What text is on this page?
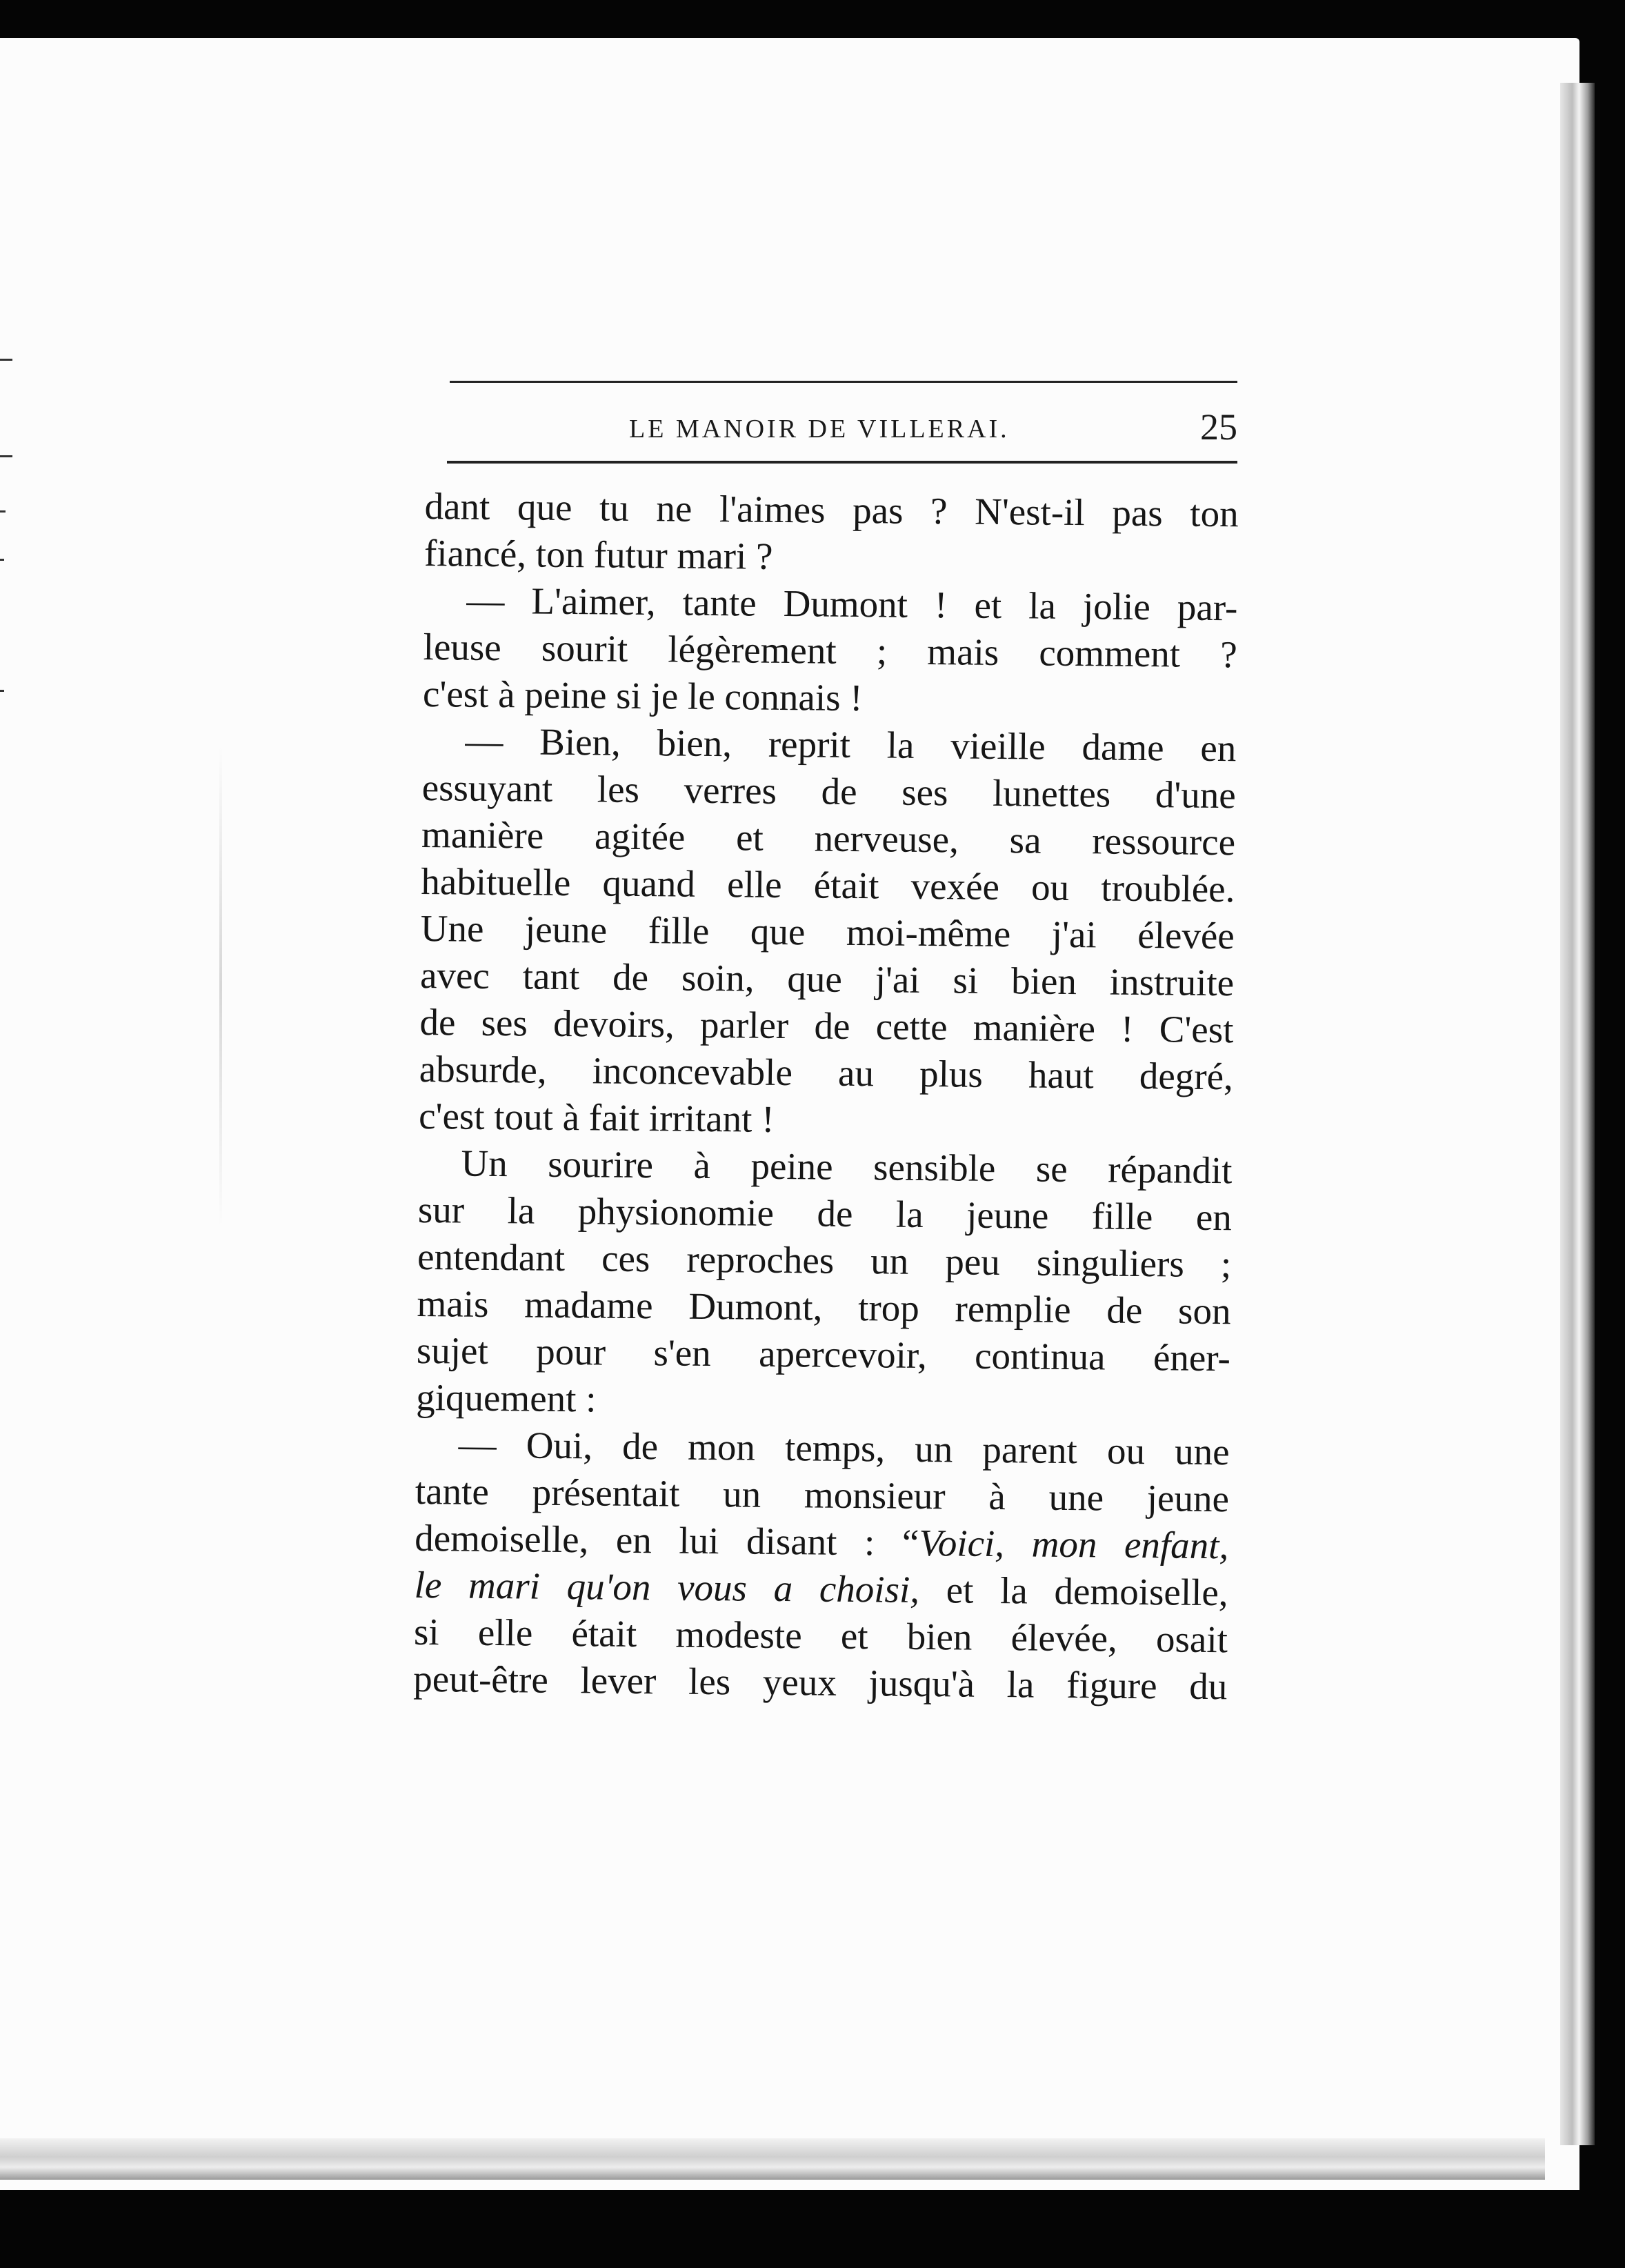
LE MANOIR DE VILLERAI.	25
dant que tu ne l'aimes pas ? N'est-il pas ton
fiancé, ton futur mari ?
— L'aimer, tante Dumont ! et la jolie par-
leuse sourit légèrement ; mais comment ?
c'est à peine si je le connais !
— Bien, bien, reprit la vieille dame en
essuyant les verres de ses lunettes d'une
manière agitée et nerveuse, sa ressource
habituelle quand elle était vexée ou troublée.
Une jeune fille que moi-même j'ai élevée
avec tant de soin, que j'ai si bien instruite
de ses devoirs, parler de cette manière ! C'est
absurde, inconcevable au plus haut degré,
c'est tout à fait irritant !
Un sourire à peine sensible se répandit
sur la physionomie de la jeune fille en
entendant ces reproches un peu singuliers ;
mais madame Dumont, trop remplie de son
sujet pour s'en apercevoir, continua éner-
giquement :
— Oui, de mon temps, un parent ou une
tante présentait un monsieur à une jeune
demoiselle, en lui disant : “Voici, mon enfant,
le mari qu'on vous a choisi, et la demoiselle,
si elle était modeste et bien élevée, osait
peut-être lever les yeux jusqu'à la figure du
